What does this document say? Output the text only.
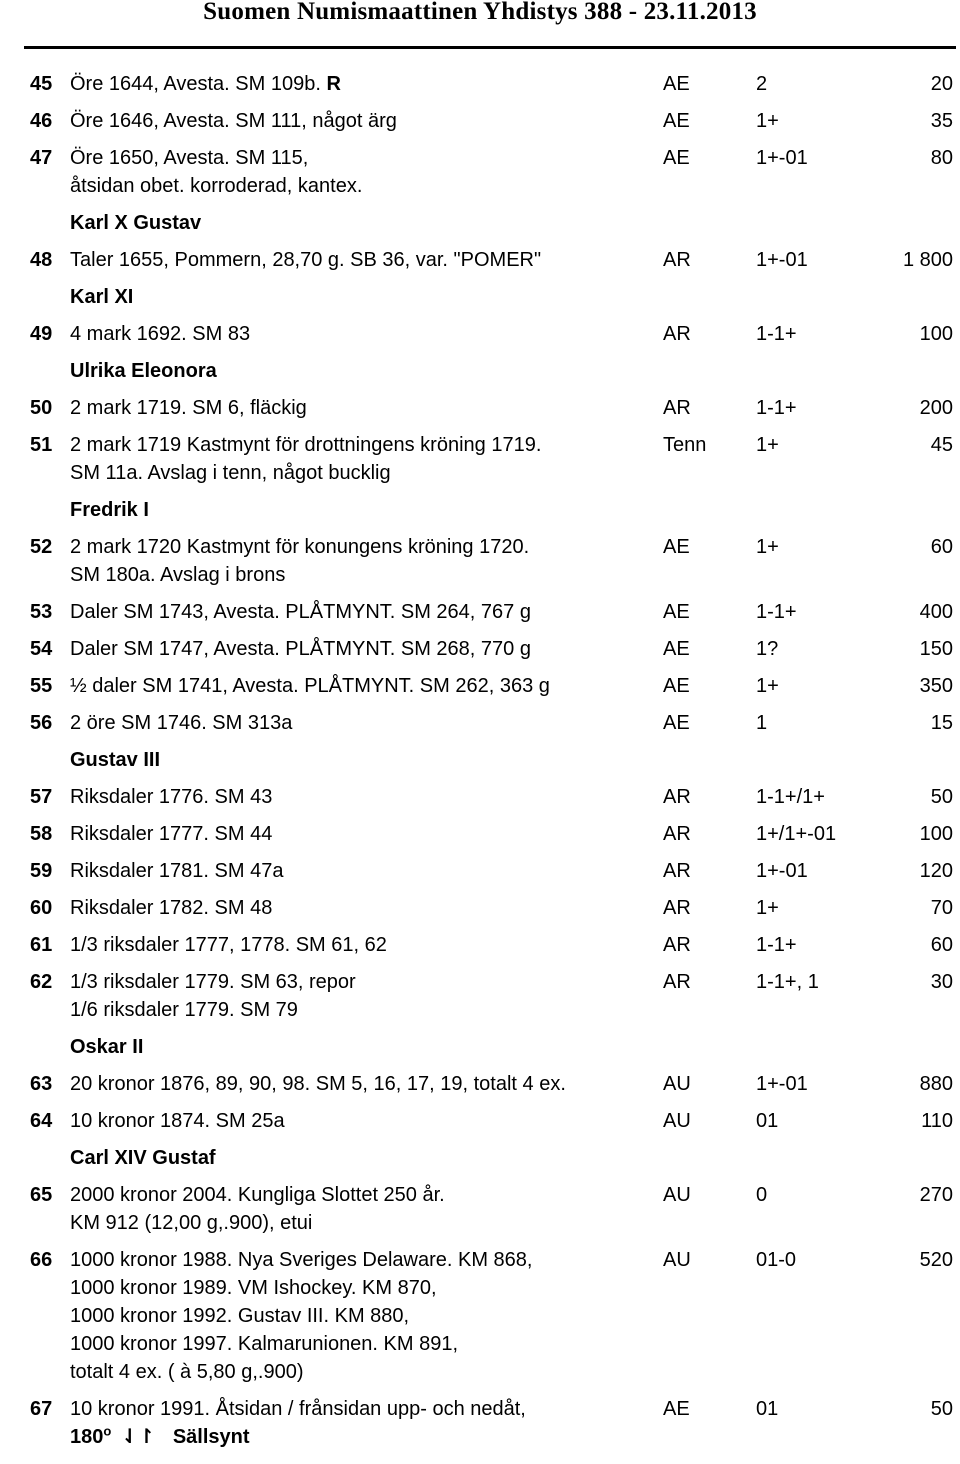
Suomen Numismaattinen Yhdistys 388 - 23.11.2013
45 Öre 1644, Avesta. SM 109b. R	AE	2	20
46 Öre 1646, Avesta. SM 111, något ärg	AE	1+	35
47 Öre 1650, Avesta. SM 115,
åtsidan obet. korroderad, kantex.
AE	1+-01	80
Karl X Gustav
48 Taler 1655, Pommern, 28,70 g. SB 36, var. "POMER"	AR	1+-01	1 800
Karl XI
49 4 mark 1692. SM 83	AR	1-1+	100
Ulrika Eleonora
50 2 mark 1719. SM 6, fläckig	AR	1-1+	200
51 2 mark 1719 Kastmynt för drottningens kröning 1719.
SM 11a. Avslag i tenn, något bucklig
Tenn 1+	45
Fredrik I
52 2 mark 1720 Kastmynt för konungens kröning 1720.
SM 180a. Avslag i brons
AE	1+	60
53 Daler SM 1743, Avesta. PLÅTMYNT. SM 264, 767 g	AE	1-1+	400
54 Daler SM 1747, Avesta. PLÅTMYNT. SM 268, 770 g	AE	1?	150
55 ½ daler SM 1741, Avesta. PLÅTMYNT. SM 262, 363 g	AE	1+	350
56 2 öre SM 1746. SM 313a	AE	1	15
Gustav III
57 Riksdaler 1776. SM 43	AR	1-1+/1+	50
58 Riksdaler 1777. SM 44	AR	1+/1+-01	100
59 Riksdaler 1781. SM 47a	AR	1+-01	120
60 Riksdaler 1782. SM 48	AR	1+	70
61 1/3 riksdaler 1777, 1778. SM 61, 62	AR	1-1+	60
62 1/3 riksdaler 1779. SM 63, repor
1/6 riksdaler 1779. SM 79
AR	1-1+, 1	30
Oskar II
63 20 kronor 1876, 89, 90, 98. SM 5, 16, 17, 19, totalt 4 ex.	AU	1+-01	880
64 10 kronor 1874. SM 25a	AU	01	110
Carl XIV Gustaf
65 2000 kronor 2004. Kungliga Slottet 250 år.
KM 912 (12,00 g,.900), etui
AU	0	270
66 1000 kronor 1988. Nya Sveriges Delaware. KM 868,
1000 kronor 1989. VM Ishockey. KM 870,
1000 kronor 1992. Gustav III. KM 880,
1000 kronor 1997. Kalmarunionen. KM 891,
totalt 4 ex. ( à 5,80 g,.900)
AU	01-0	520
67 10 kronor 1991. Åtsidan / frånsidan upp- och nedåt,
180$^o$ ⇃↾ Sällsynt
AE	01	50
